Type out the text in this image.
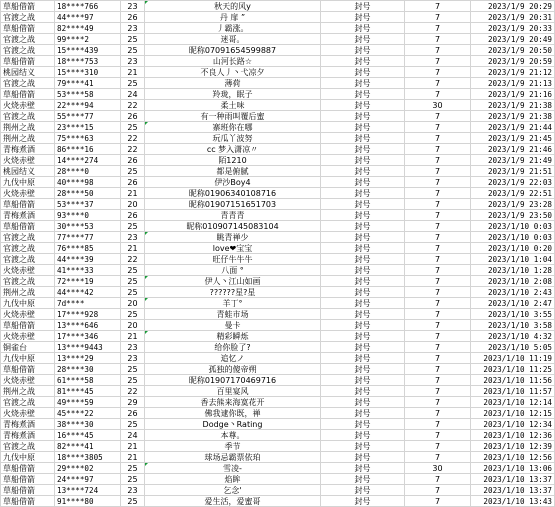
草船借箭	18****766	23	秋天的风y	封号	7	2023/1/9 20:29
官渡之战	44****97	26	丹 扉 ”	封号	7	2023/1/9 20:31
草船借箭	82****49	23	丿霸涨。	封号	7	2023/1/9 20:33
官渡之战	99****2	25	迷哥。	封号	7	2023/1/9 20:49
官渡之战	15****439	25	昵称07091654599887	封号	7	2023/1/9 20:50
草船借箭	18****753	23	山河长路☆	封号	7	2023/1/9 20:59
桃园结义	15****310	21	不良人丿丶弋凉夕	封号	7	2023/1/9 21:12
官渡之战	79****41	25	薄荷	封号	7	2023/1/9 21:13
草船借箭	53****58	24	羚珑，眠子	封号	7	2023/1/9 21:16
火烧赤壁	22****94	22	柔土味	封号	30	2023/1/9 21:38
官渡之战	55****77	26	有一种雨叫覆后蜜	封号	7	2023/1/9 21:38
荆州之战	23****15	25	寨班你在哪	封号	7	2023/1/9 21:44
荆州之战	75****63	22	玩瓜丫波努	封号	7	2023/1/9 21:45
青梅煮酒	86****16	22	cc 梦入潇凉〃	封号	7	2023/1/9 21:46
火烧赤壁	14****274	26	陌1210	封号	7	2023/1/9 21:49
桃园结义	28****0	25	都是俯腻	封号	7	2023/1/9 21:51
九伐中原	40****98	26	伊沙Boy4	封号	7	2023/1/9 22:03
火烧赤壁	28****50	21	昵称01906340108716	封号	7	2023/1/9 22:51
草船借箭	53****37	20	昵称01907151651703	封号	7	2023/1/9 23:28
青梅煮酒	93****0	26	青青青	封号	7	2023/1/9 23:50
草船借箭	30****53	25	昵称010907145083104	封号	7	2023/1/10 0:03
官渡之战	77****77	23	眺青禅少	封号	7	2023/1/10 0:03
官渡之战	76****85	21	love❤宝宝	封号	7	2023/1/10 0:20
官渡之战	44****39	22	旺仔牛牛牛	封号	7	2023/1/10 1:04
火烧赤壁	41****33	25	八面 °	封号	7	2023/1/10 1:28
官渡之战	72****19	25	伊人丶江山如画	封号	7	2023/1/10 2:08
荆州之战	44****42	25	??????星?星	封号	7	2023/1/10 2:43
九伐中原	7d****	20	羊丁°	封号	7	2023/1/10 2:47
火烧赤壁	17****928	25	青蛙市场	封号	7	2023/1/10 3:55
草船借箭	13****646	20	曼卡	封号	7	2023/1/10 3:58
火烧赤壁	17****346	21	精彩瞬烁	封号	7	2023/1/10 4:32
铜雀台	13****9443	23	给你脸了?	封号	7	2023/1/10 5:05
九伐中原	13****29	23	追忆ノ	封号	7	2023/1/10 11:19
草船借箭	28****30	25	孤独的傻帝朔	封号	7	2023/1/10 11:25
火烧赤壁	61****58	25	昵称01907170469716	封号	7	2023/1/10 11:56
荆州之战	81****45	22	百里宴风	封号	7	2023/1/10 11:57
官渡之战	49****59	29	香去熊来海寞花开	封号	7	2023/1/10 12:14
火烧赤壁	45****22	26	佛我逮你既，禅	封号	7	2023/1/10 12:15
青梅煮酒	38****30	25	Dodge丶Rating	封号	7	2023/1/10 12:34
青梅煮酒	16****45	24	本尊。	封号	7	2023/1/10 12:36
官渡之战	82****41	21	季节	封号	7	2023/1/10 12:39
九伐中原	18****3805	21	球场忌霸票依珀	封号	7	2023/1/10 12:56
草船借箭	29****02	25	雪凌-	封号	30	2023/1/10 13:06
草船借箭	24****97	25	焰眸	封号	7	2023/1/10 13:37
草船借箭	13****724	23	乞念'	封号	7	2023/1/10 13:37
草船借箭	91****80	25	爱生活，爱蜜哥	封号	7	2023/1/10 13:43
